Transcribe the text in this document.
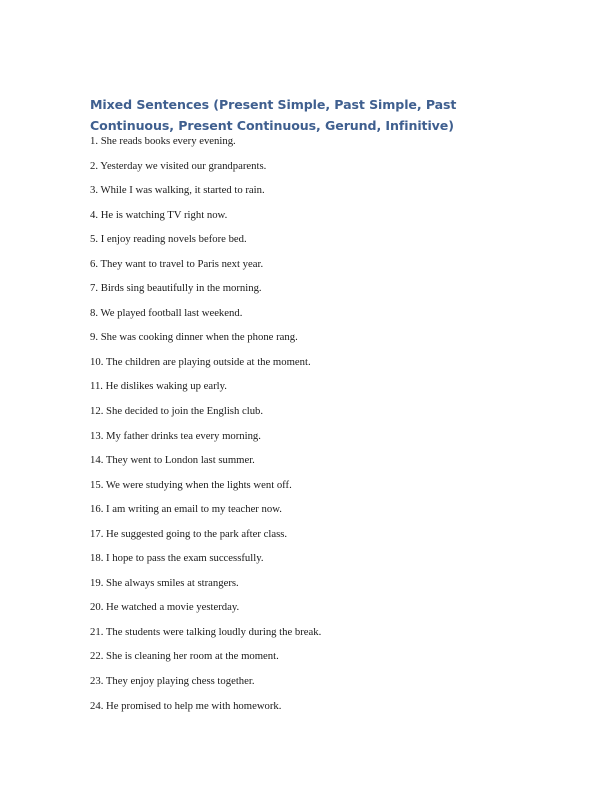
Mixed Sentences (Present Simple, Past Simple, Past Continuous, Present Continuous, Gerund, Infinitive)
1. She reads books every evening.
2. Yesterday we visited our grandparents.
3. While I was walking, it started to rain.
4. He is watching TV right now.
5. I enjoy reading novels before bed.
6. They want to travel to Paris next year.
7. Birds sing beautifully in the morning.
8. We played football last weekend.
9. She was cooking dinner when the phone rang.
10. The children are playing outside at the moment.
11. He dislikes waking up early.
12. She decided to join the English club.
13. My father drinks tea every morning.
14. They went to London last summer.
15. We were studying when the lights went off.
16. I am writing an email to my teacher now.
17. He suggested going to the park after class.
18. I hope to pass the exam successfully.
19. She always smiles at strangers.
20. He watched a movie yesterday.
21. The students were talking loudly during the break.
22. She is cleaning her room at the moment.
23. They enjoy playing chess together.
24. He promised to help me with homework.
